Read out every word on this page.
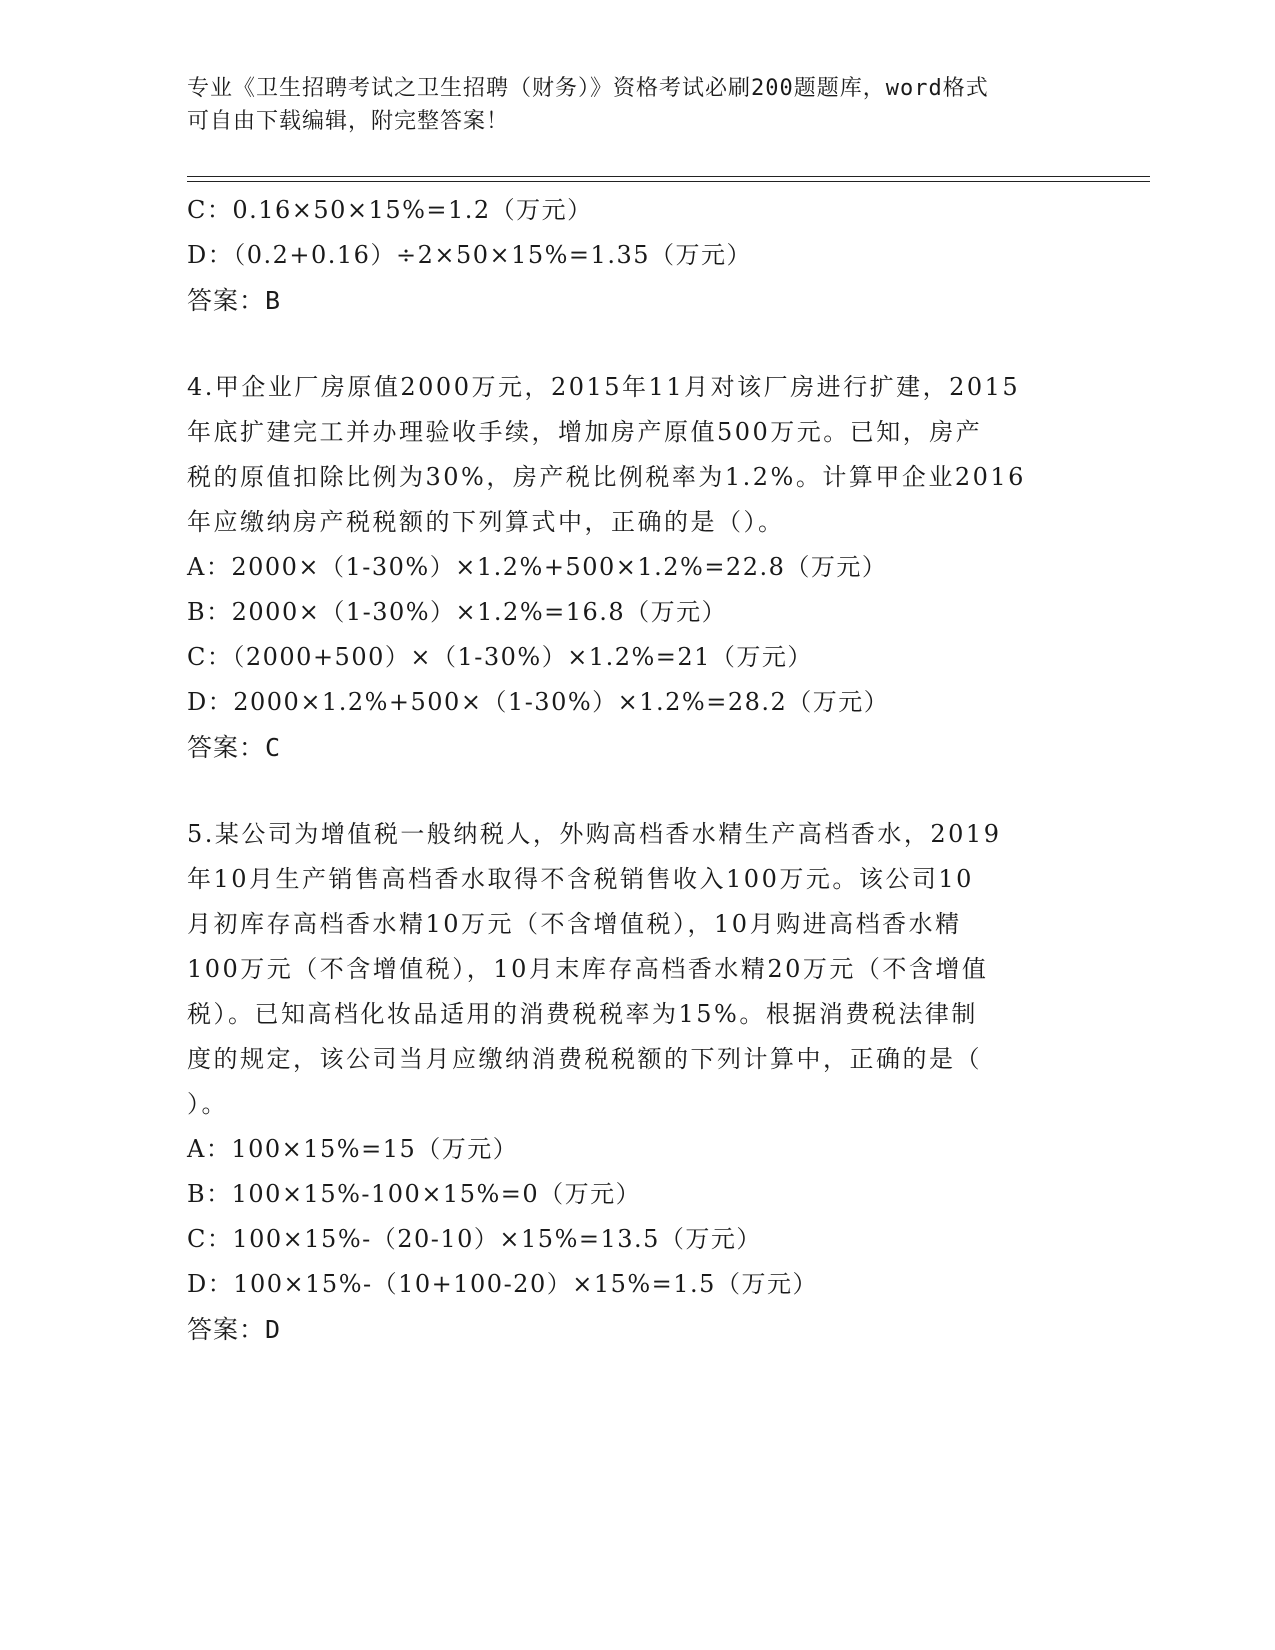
专业《卫生招聘考试之卫生招聘（财务）》资格考试必刷200题题库，word格式
可自由下载编辑，附完整答案！
C：0.16×50×15%=1.2（万元）
D：（0.2+0.16）÷2×50×15%=1.35（万元）
答案：B
4.甲企业厂房原值2000万元，2015年11月对该厂房进行扩建，2015
年底扩建完工并办理验收手续，增加房产原值500万元。已知，房产
税的原值扣除比例为30%，房产税比例税率为1.2%。计算甲企业2016
年应缴纳房产税税额的下列算式中，正确的是（）。
A：2000×（1-30%）×1.2%+500×1.2%=22.8（万元）
B：2000×（1-30%）×1.2%=16.8（万元）
C：（2000+500）×（1-30%）×1.2%=21（万元）
D：2000×1.2%+500×（1-30%）×1.2%=28.2（万元）
答案：C
5.某公司为增值税一般纳税人，外购高档香水精生产高档香水，2019
年10月生产销售高档香水取得不含税销售收入100万元。该公司10
月初库存高档香水精10万元（不含增值税），10月购进高档香水精
100万元（不含增值税），10月末库存高档香水精20万元（不含增值
税）。已知高档化妆品适用的消费税税率为15%。根据消费税法律制
度的规定，该公司当月应缴纳消费税税额的下列计算中，正确的是（
）。
A：100×15%=15（万元）
B：100×15%-100×15%=0（万元）
C：100×15%-（20-10）×15%=13.5（万元）
D：100×15%-（10+100-20）×15%=1.5（万元）
答案：D
